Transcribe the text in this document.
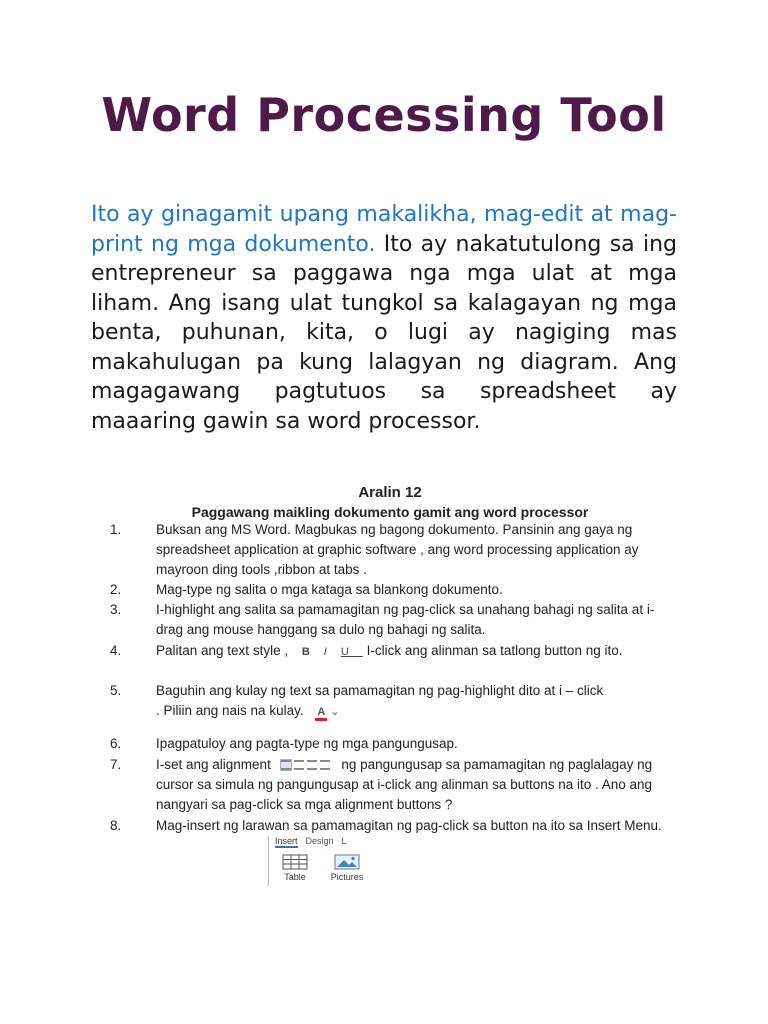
Word Processing Tool

Ito ay ginagamit upang makalikha, mag-edit at mag-print ng mga dokumento. Ito ay nakatutulong sa ing entrepreneur sa paggawa nga mga ulat at mga liham. Ang isang ulat tungkol sa kalagayan ng mga benta, puhunan, kita, o lugi ay nagiging mas makahulugan pa kung lalagyan ng diagram. Ang magagawang pagtutuos sa spreadsheet ay maaaring gawin sa word processor.

Aralin 12
Paggawang maikling dokumento gamit ang word processor
1.	Buksan ang MS Word. Magbukas ng bagong dokumento. Pansinin ang gaya ng spreadsheet application at graphic software , ang word processing application ay mayroon ding tools ,ribbon at tabs .
2.	Mag-type ng salita o mga kataga sa blankong dokumento.
3.	I-highlight ang salita sa pamamagitan ng pag-click sa unahang bahagi ng salita at i-drag ang mouse hanggang sa dulo ng bahagi ng salita.
4.	Palitan ang text style , BIU I-click ang alinman sa tatlong button ng ito.
5.	Baguhin ang kulay ng text sa pamamagitan ng pag-highlight dito at i – click
. Piliin ang nais na kulay. A ⌄
6.	Ipagpatuloy ang pagta-type ng mga pangungusap.
7.	I-set ang alignment	ng pangungusap sa pamamagitan ng paglalagay ng cursor sa simula ng pangungusap at i-click ang alinman sa buttons na ito . Ano ang nangyari sa pag-click sa mga alignment buttons ?
8.	Mag-insert ng larawan sa pamamagitan ng pag-click sa button na ito sa Insert Menu.
Insert Design L
Table	Pictures
